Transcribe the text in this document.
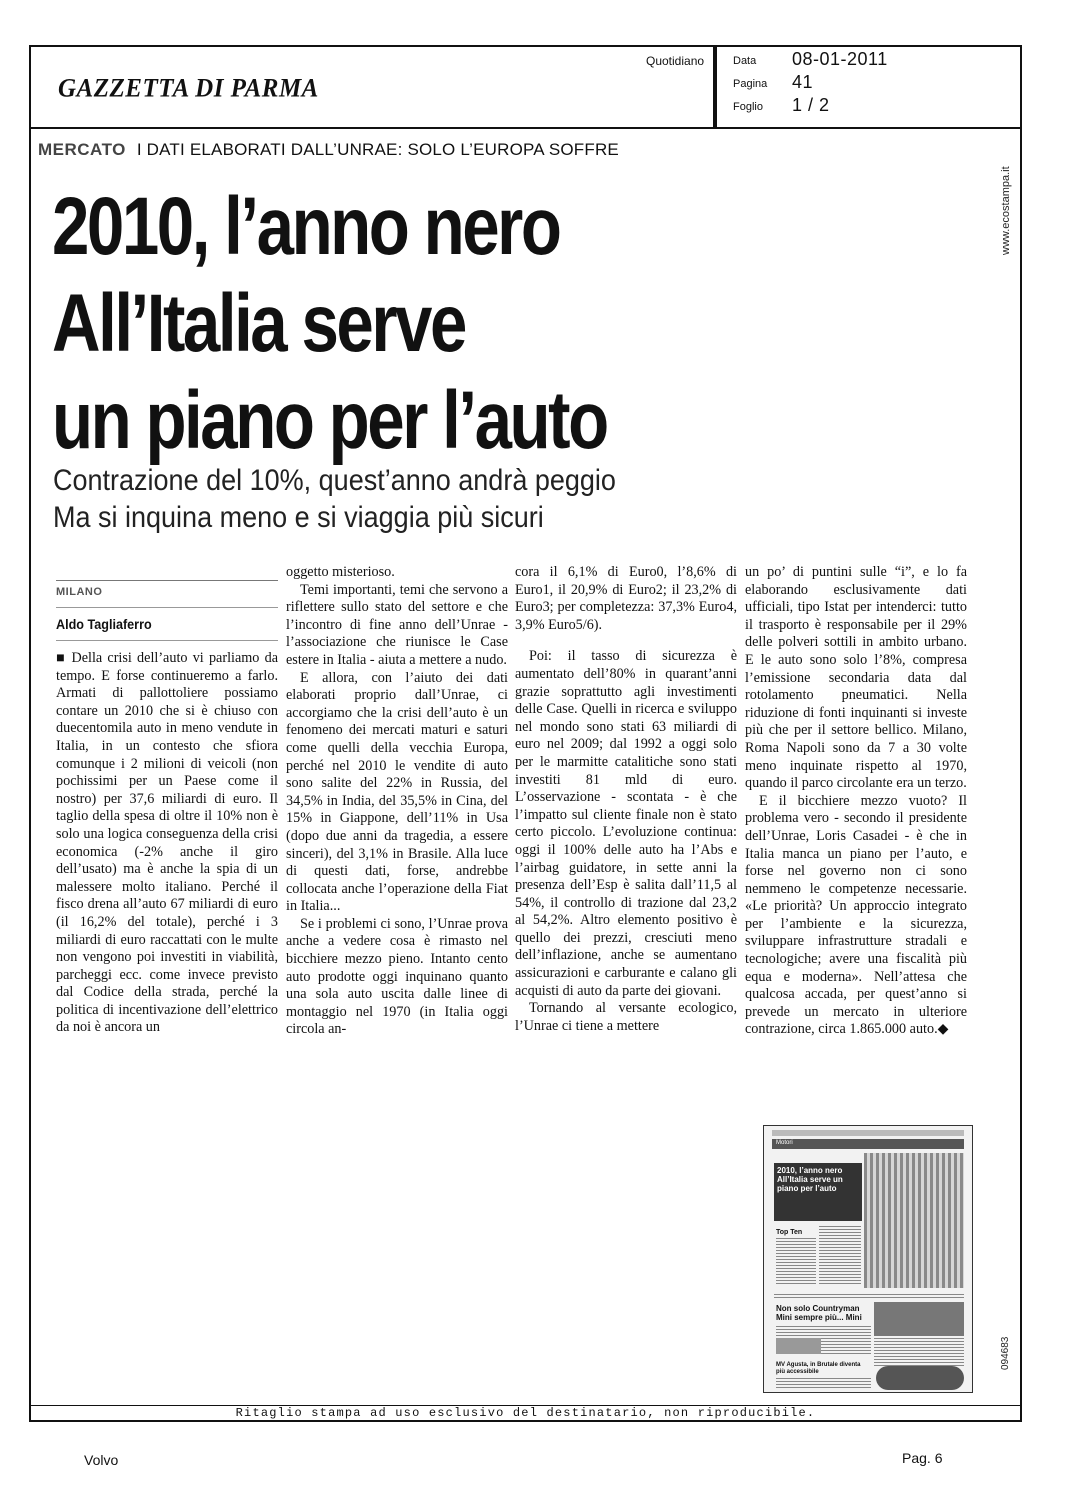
GAZZETTA DI PARMA
Quotidiano	Data 08-01-2011
Pagina 41
Foglio 1 / 2
Ritaglio stampa ad uso esclusivo del destinatario, non riproducibile.
www.ecostampa.it
094683
MERCATO I DATI ELABORATI DALL’UNRAE: SOLO L’EUROPA SOFFRE
2010, l’anno nero
All’Italia serve
un piano per l’auto
Contrazione del 10%, quest’anno andrà peggio
Ma si inquina meno e si viaggia più sicuri
MILANO
Aldo Tagliaferro

■ Della crisi dell’auto vi parliamo da tempo. E forse continueremo a farlo. Armati di pallottoliere possiamo contare un 2010 che si è chiuso con duecentomila auto in meno vendute in Italia, in un contesto che sfiora comunque i 2 milioni di veicoli (non pochissimi per un Paese come il nostro) per 37,6 miliardi di euro. Il taglio della spesa di oltre il 10% non è solo una logica conseguenza della crisi economica (-2% anche il giro dell’usato) ma è anche la spia di un malessere molto italiano. Perché il fisco drena all’auto 67 miliardi di euro (il 16,2% del totale), perché i 3 miliardi di euro raccattati con le multe non vengono poi investiti in viabilità, parcheggi ecc. come invece previsto dal Codice della strada, perché la politica di incentivazione dell’elettrico da noi è ancora un

oggetto misterioso.

Temi importanti, temi che servono a riflettere sullo stato del settore e che l’incontro di fine anno dell’Unrae - l’associazione che riunisce le Case estere in Italia - aiuta a mettere a nudo.

E allora, con l’aiuto dei dati elaborati proprio dall’Unrae, ci accorgiamo che la crisi dell’auto è un fenomeno dei mercati maturi e saturi come quelli della vecchia Europa, perché nel 2010 le vendite di auto sono salite del 22% in Russia, del 34,5% in India, del 35,5% in Cina, del 15% in Giappone, dell’11% in Usa (dopo due anni da tragedia, a essere sinceri), del 3,1% in Brasile. Alla luce di questi dati, forse, andrebbe collocata anche l’operazione della Fiat in Italia...

Se i problemi ci sono, l’Unrae prova anche a vedere cosa è rimasto nel bicchiere mezzo pieno. Intanto cento auto prodotte oggi inquinano quanto una sola auto uscita dalle linee di montaggio nel 1970 (in Italia oggi circola an-

cora il 6,1% di Euro0, l’8,6% di Euro1, il 20,9% di Euro2; il 23,2% di Euro3; per completezza: 37,3% Euro4, 3,9% Euro5/6).

Poi: il tasso di sicurezza è aumentato dell’80% in quarant’anni grazie soprattutto agli investimenti delle Case. Quelli in ricerca e sviluppo nel mondo sono stati 63 miliardi di euro nel 2009; dal 1992 a oggi solo per le marmitte catalitiche sono stati investiti 81 mld di euro. L’osservazione - scontata - è che l’impatto sul cliente finale non è stato certo piccolo. L’evoluzione continua: oggi il 100% delle auto ha l’Abs e l’airbag guidatore, in sette anni la presenza dell’Esp è salita dall’11,5 al 54%, il controllo di trazione dal 23,2 al 54,2%. Altro elemento positivo è quello dei prezzi, cresciuti meno dell’inflazione, anche se aumentano assicurazioni e carburante e calano gli acquisti di auto da parte dei giovani.

Tornando al versante ecologico, l’Unrae ci tiene a mettere

un po’ di puntini sulle “i”, e lo fa elaborando esclusivamente dati ufficiali, tipo Istat per intenderci: tutto il trasporto è responsabile per il 29% delle polveri sottili in ambito urbano. E le auto sono solo l’8%, compresa l’emissione secondaria data dal rotolamento pneumatici. Nella riduzione di fonti inquinanti si investe più che per il settore bellico. Milano, Roma Napoli sono da 7 a 30 volte meno inquinate rispetto al 1970, quando il parco circolante era un terzo.

E il bicchiere mezzo vuoto? Il problema vero - secondo il presidente dell’Unrae, Loris Casadei - è che in Italia manca un piano per l’auto, e forse nel governo non ci sono nemmeno le competenze necessarie. «Le priorità? Un approccio integrato per l’ambiente e la sicurezza, sviluppare infrastrutture stradali e tecnologiche; avere una fiscalità più equa e moderna». Nell’attesa che qualcosa accada, per quest’anno si prevede un mercato in ulteriore contrazione, circa 1.865.000 auto.◆

Motori
2010, l’anno nero All’Italia serve un piano per l’auto
Top Ten
Non solo Countryman Mini sempre più... Mini
MV Agusta, in Brutale diventa più accessibile
Volvo	Pag. 6
